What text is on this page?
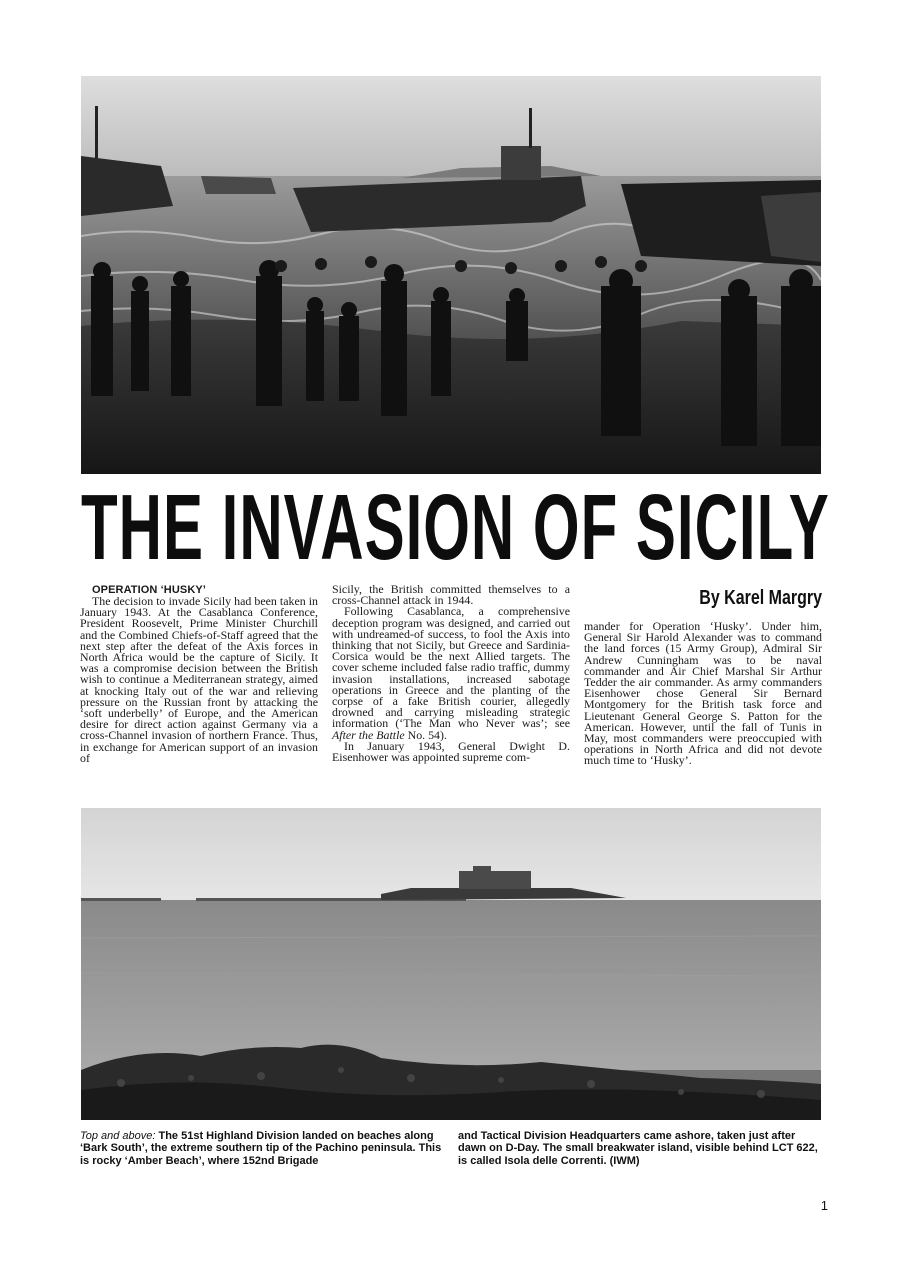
THE INVASION OF SICILY
By Karel Margry

OPERATION ‘HUSKY’

The decision to invade Sicily had been taken in January 1943. At the Casablanca Conference, President Roosevelt, Prime Minister Churchill and the Combined Chiefs-of-Staff agreed that the next step after the defeat of the Axis forces in North Africa would be the capture of Sicily. It was a compromise decision between the British wish to continue a Mediterranean strategy, aimed at knocking Italy out of the war and relieving pressure on the Russian front by attacking the ‘soft underbelly’ of Europe, and the American desire for direct action against Germany via a cross-Channel invasion of northern France. Thus, in exchange for American support of an invasion of

Sicily, the British committed themselves to a cross-Channel attack in 1944.

Following Casablanca, a comprehensive deception program was designed, and carried out with undreamed-of success, to fool the Axis into thinking that not Sicily, but Greece and Sardinia-Corsica would be the next Allied targets. The cover scheme included false radio traffic, dummy invasion installations, increased sabotage operations in Greece and the planting of the corpse of a fake British courier, allegedly drowned and carrying misleading strategic information (‘The Man who Never was’; see After the Battle No. 54).

In January 1943, General Dwight D. Eisenhower was appointed supreme com-

mander for Operation ‘Husky’. Under him, General Sir Harold Alexander was to command the land forces (15 Army Group), Admiral Sir Andrew Cunningham was to be naval commander and Air Chief Marshal Sir Arthur Tedder the air commander. As army commanders Eisenhower chose General Sir Bernard Montgomery for the British task force and Lieutenant General George S. Patton for the American. However, until the fall of Tunis in May, most commanders were preoccupied with operations in North Africa and did not devote much time to ‘Husky’.

Top and above: The 51st Highland Division landed on beaches along ‘Bark South’, the extreme southern tip of the Pachino peninsula. This is rocky ‘Amber Beach’, where 152nd Brigade
and Tactical Division Headquarters came ashore, taken just after dawn on D-Day. The small breakwater island, visible behind LCT 622, is called Isola delle Correnti. (IWM)
1
